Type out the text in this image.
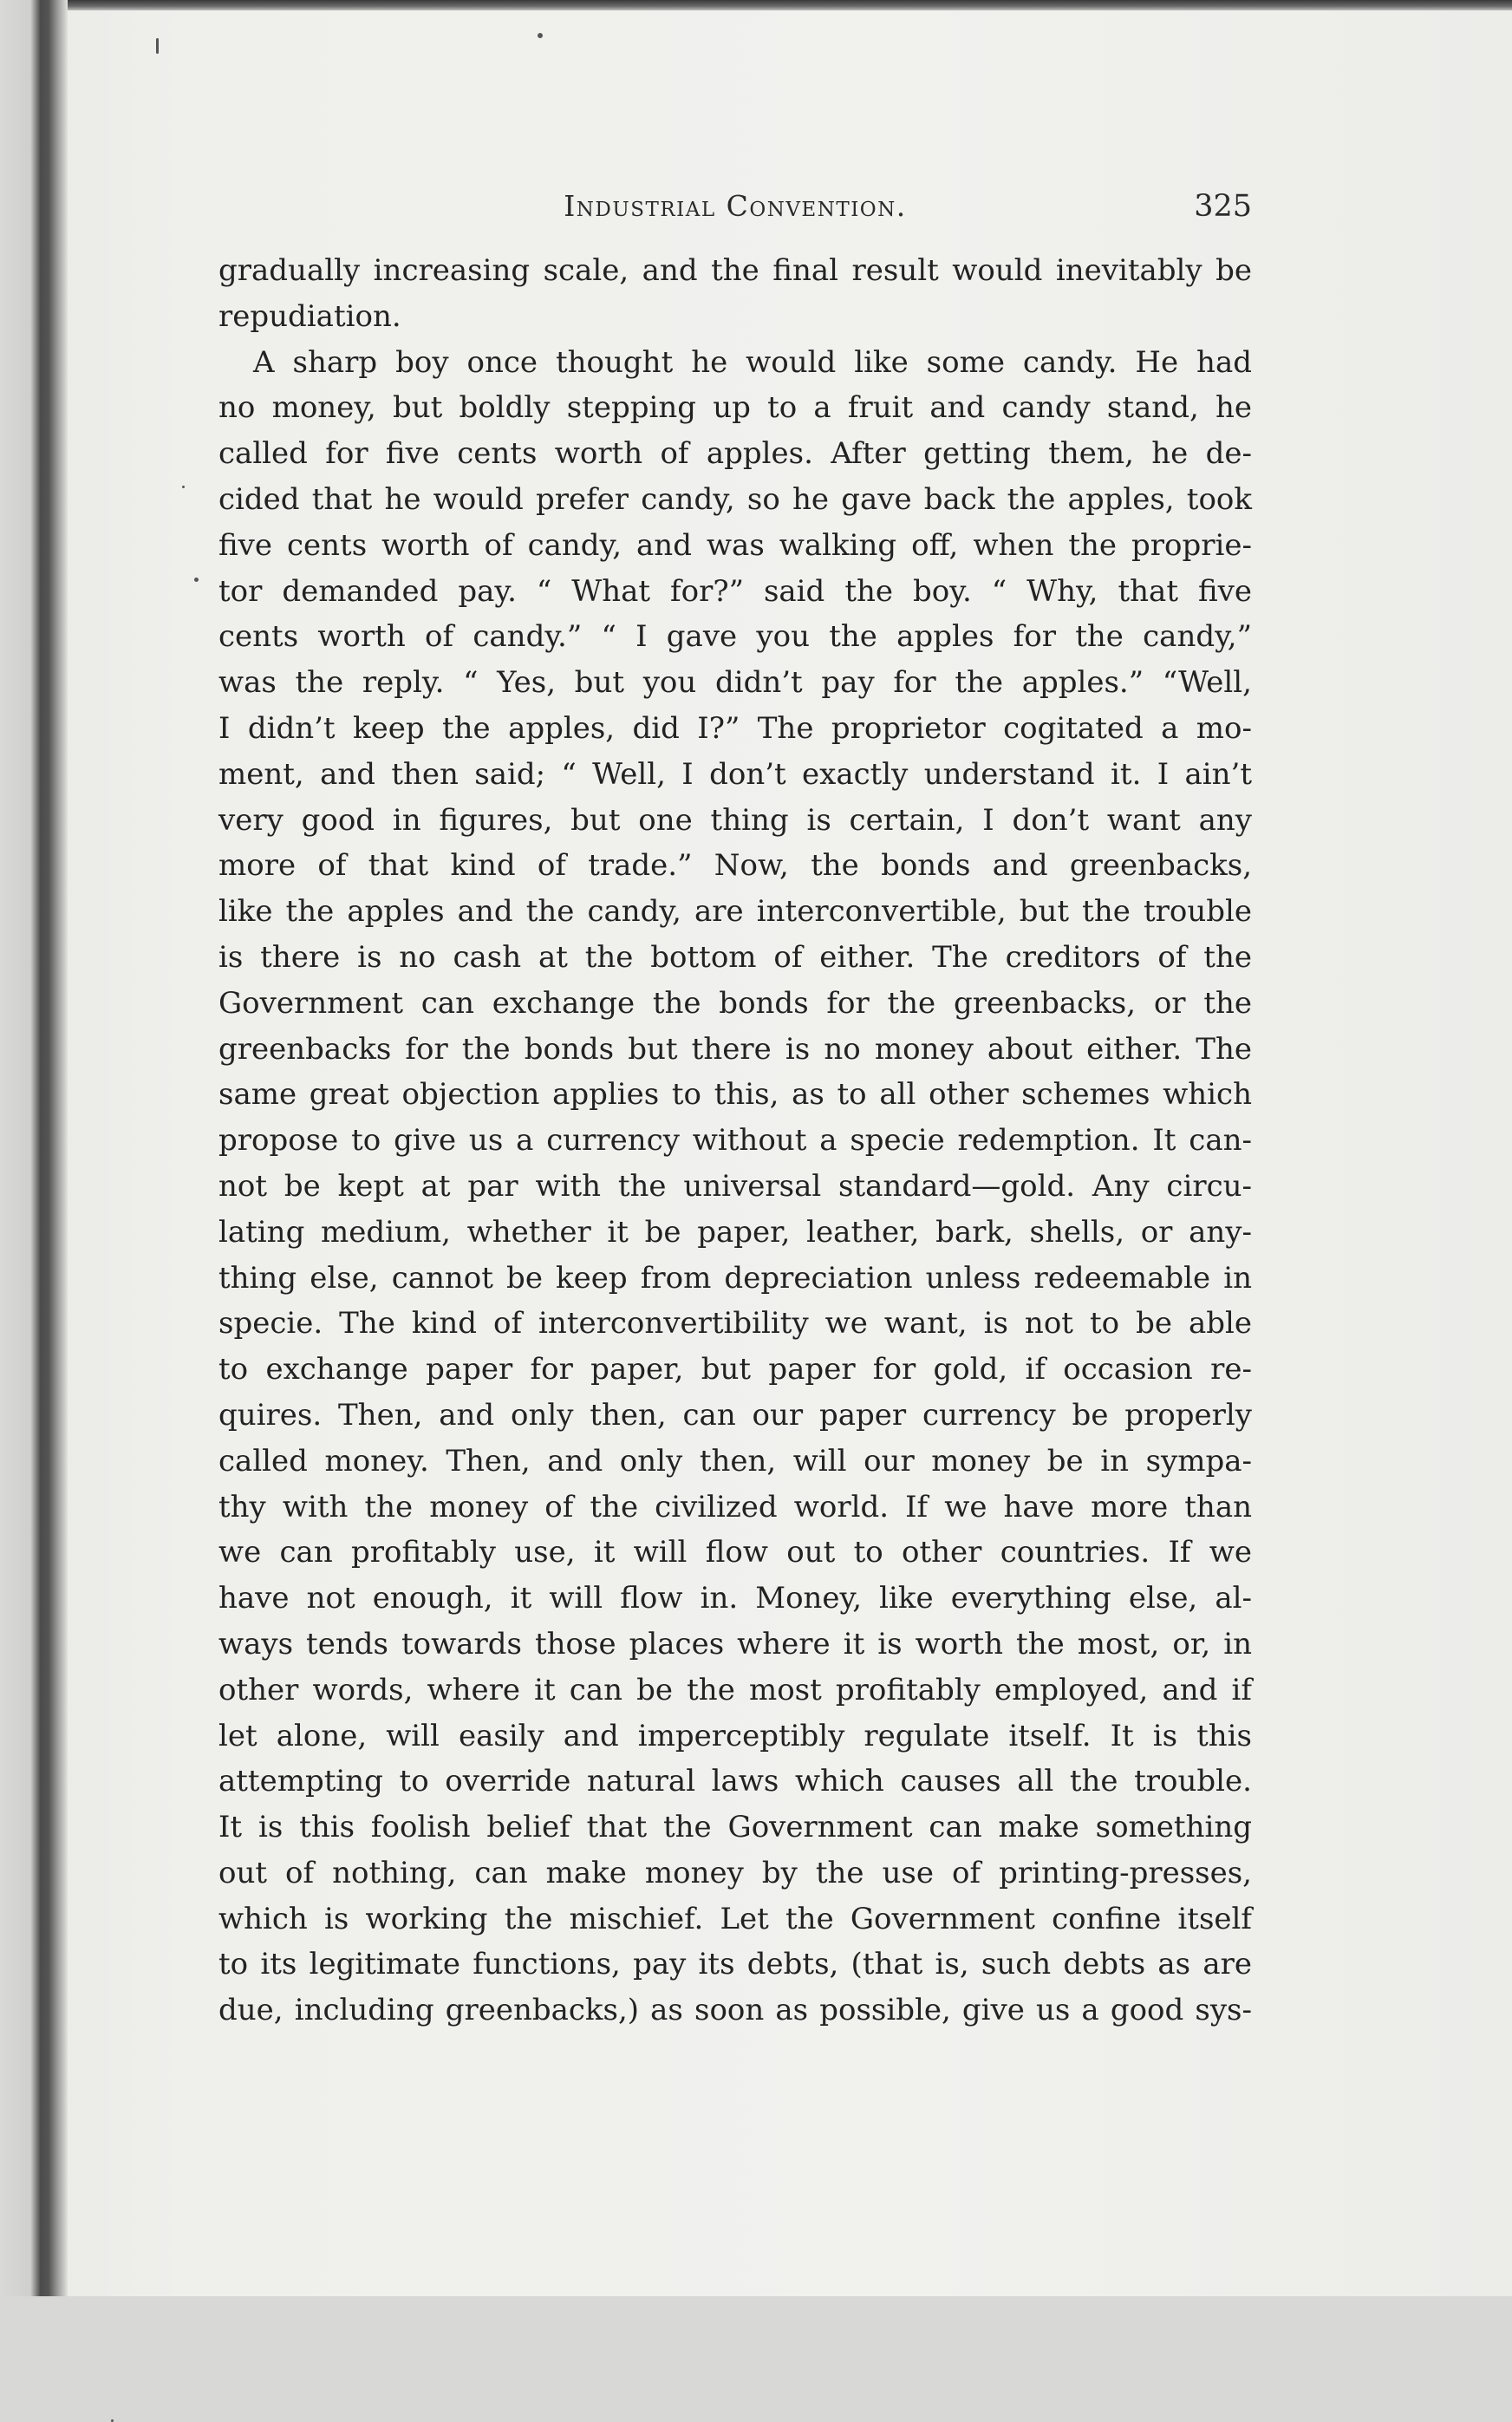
Industrial Convention.	325
gradually increasing scale, and the final result would inevitably be
repudiation.
A sharp boy once thought he would like some candy. He had
no money, but boldly stepping up to a fruit and candy stand, he
called for five cents worth of apples. After getting them, he de-
cided that he would prefer candy, so he gave back the apples, took
five cents worth of candy, and was walking off, when the proprie-
tor demanded pay. “ What for?” said the boy. “ Why, that five
cents worth of candy.” “ I gave you the apples for the candy,”
was the reply. “ Yes, but you didn’t pay for the apples.” “Well,
I didn’t keep the apples, did I?” The proprietor cogitated a mo-
ment, and then said; “ Well, I don’t exactly understand it. I ain’t
very good in figures, but one thing is certain, I don’t want any
more of that kind of trade.” Now, the bonds and greenbacks,
like the apples and the candy, are interconvertible, but the trouble
is there is no cash at the bottom of either. The creditors of the
Government can exchange the bonds for the greenbacks, or the
greenbacks for the bonds but there is no money about either. The
same great objection applies to this, as to all other schemes which
propose to give us a currency without a specie redemption. It can-
not be kept at par with the universal standard—gold. Any circu-
lating medium, whether it be paper, leather, bark, shells, or any-
thing else, cannot be keep from depreciation unless redeemable in
specie. The kind of interconvertibility we want, is not to be able
to exchange paper for paper, but paper for gold, if occasion re-
quires. Then, and only then, can our paper currency be properly
called money. Then, and only then, will our money be in sympa-
thy with the money of the civilized world. If we have more than
we can profitably use, it will flow out to other countries. If we
have not enough, it will flow in. Money, like everything else, al-
ways tends towards those places where it is worth the most, or, in
other words, where it can be the most profitably employed, and if
let alone, will easily and imperceptibly regulate itself. It is this
attempting to override natural laws which causes all the trouble.
It is this foolish belief that the Government can make something
out of nothing, can make money by the use of printing-presses,
which is working the mischief. Let the Government confine itself
to its legitimate functions, pay its debts, (that is, such debts as are
due, including greenbacks,) as soon as possible, give us a good sys-
